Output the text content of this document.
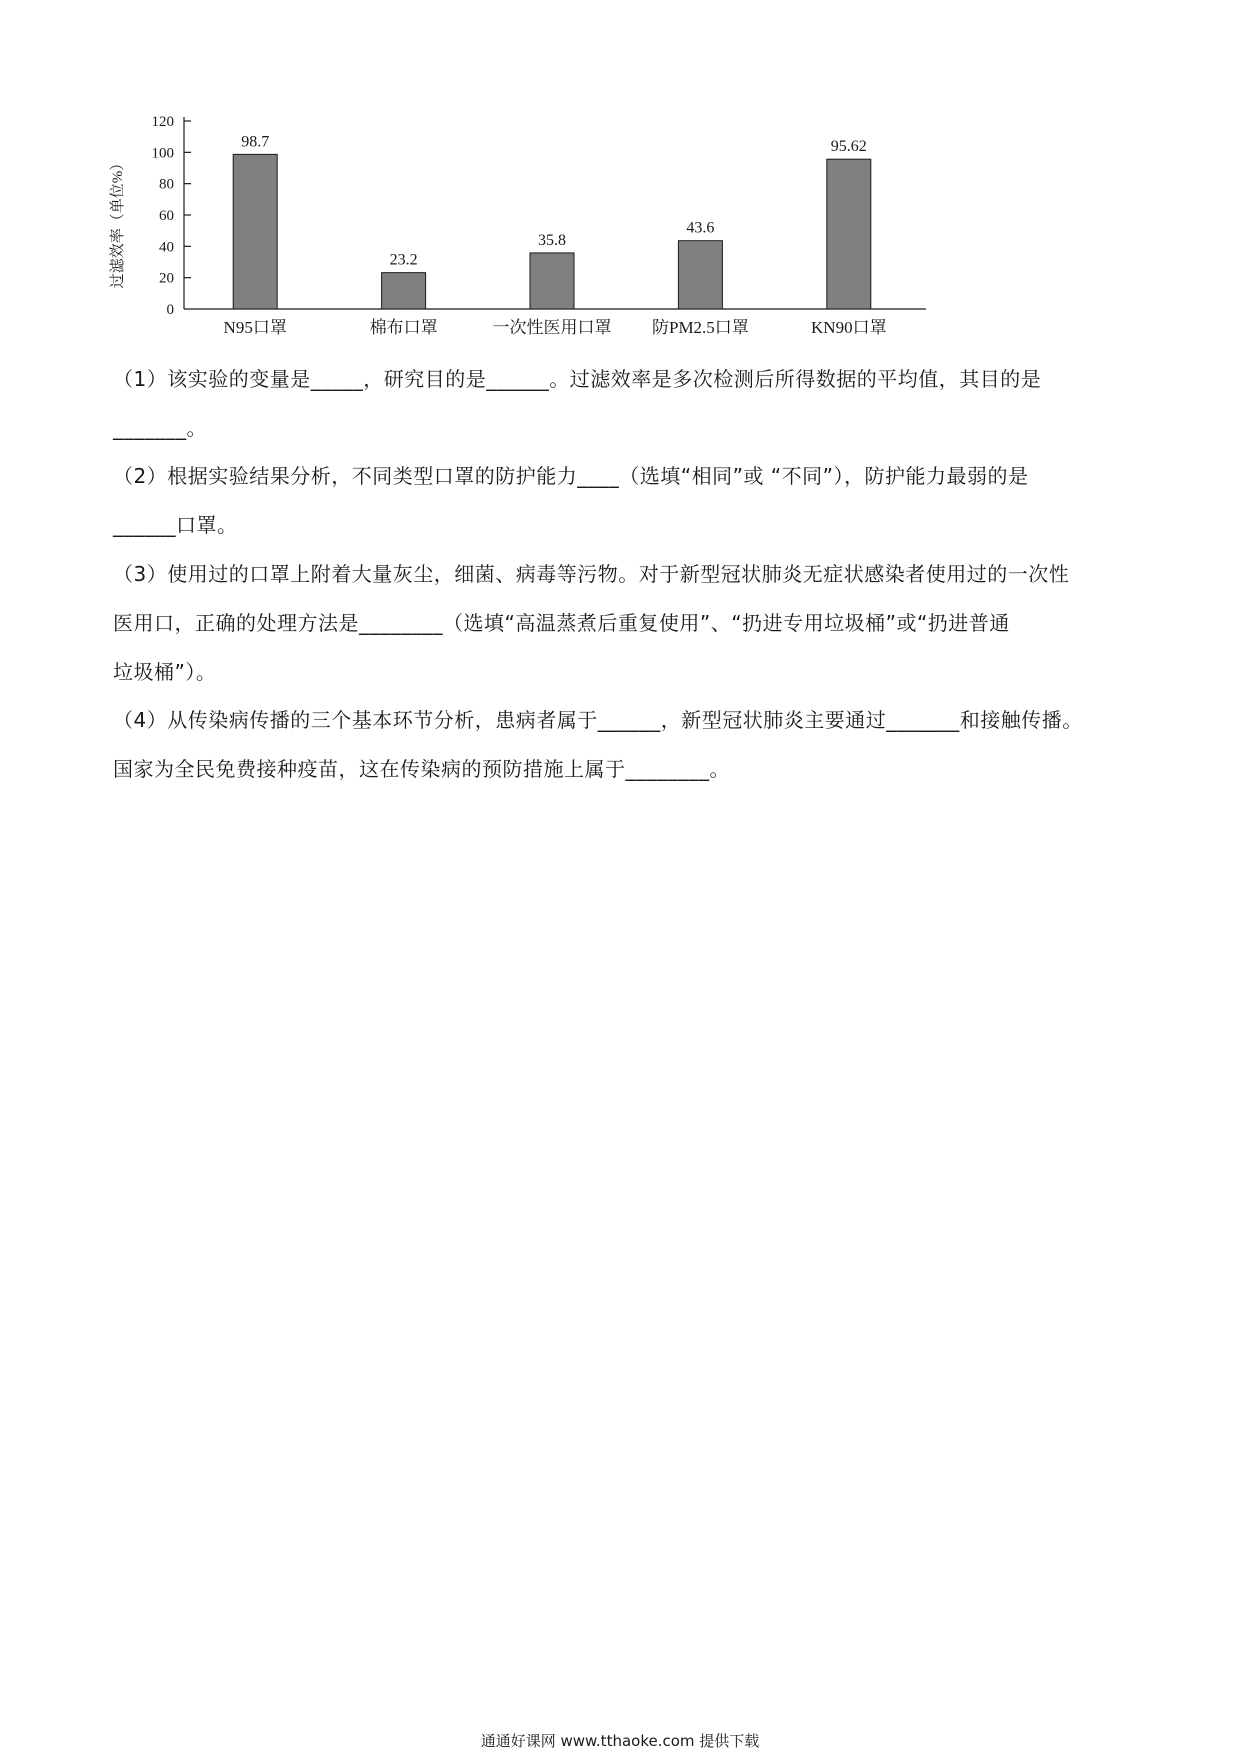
0
20
40
60
80
100
120
过滤效率（单位%）
98.7
N95口罩
23.2
棉布口罩
35.8
一次性医用口罩
43.6
防PM2.5口罩
95.62
KN90口罩
（1）该实验的变量是_____，研究目的是______。过滤效率是多次检测后所得数据的平均值，其目的是
_______。
（2）根据实验结果分析，不同类型口罩的防护能力____（选填“相同”或 “不同”），防护能力最弱的是
______口罩。
（3）使用过的口罩上附着大量灰尘，细菌、病毒等污物。对于新型冠状肺炎无症状感染者使用过的一次性
医用口，正确的处理方法是________（选填“高温蒸煮后重复使用”、“扔进专用垃圾桶”或“扔进普通
垃圾桶”）。
（4）从传染病传播的三个基本环节分析，患病者属于______，新型冠状肺炎主要通过_______和接触传播。
国家为全民免费接种疫苗，这在传染病的预防措施上属于________。
通通好课网 www.tthaoke.com 提供下载
